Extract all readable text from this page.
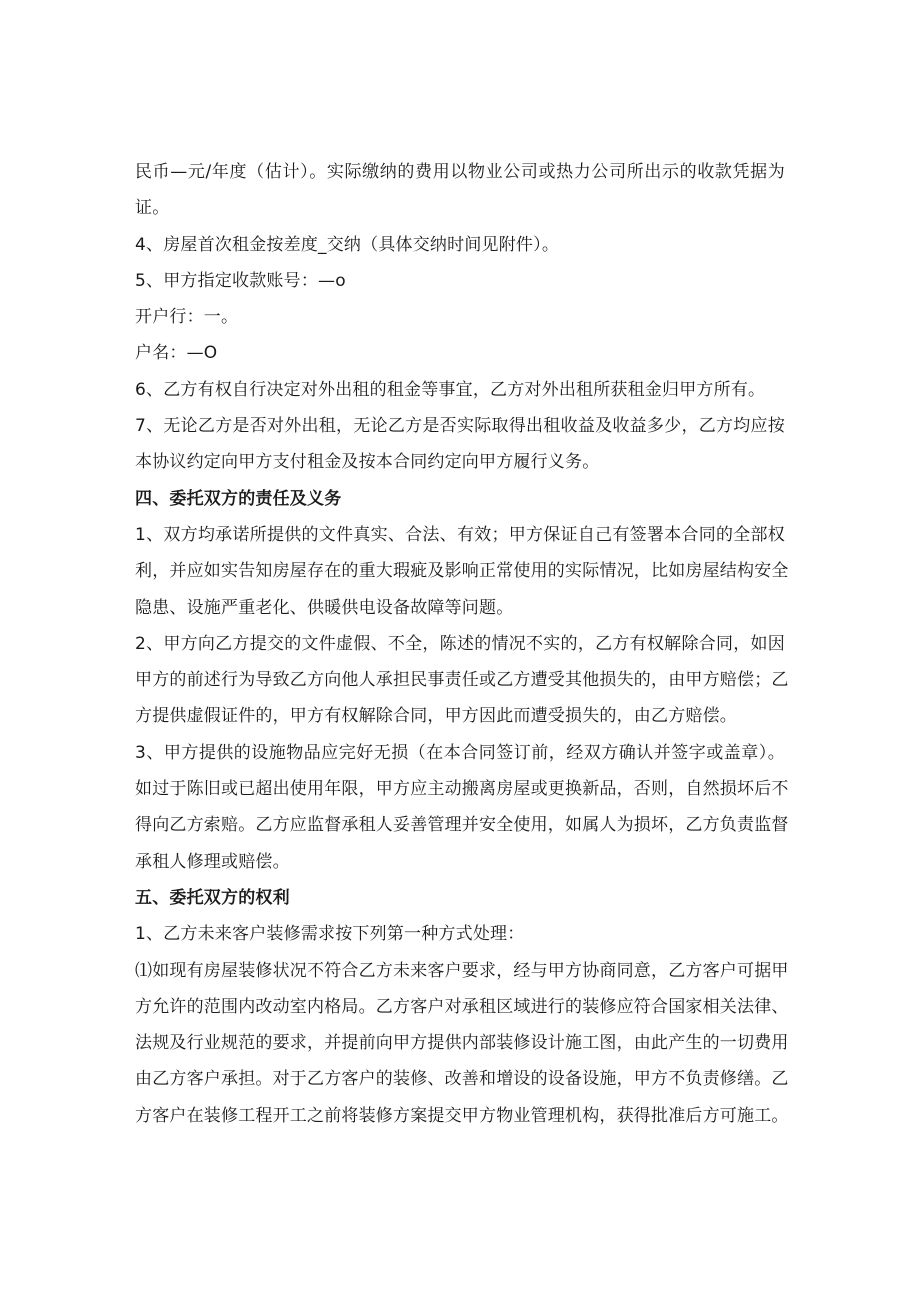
民币—元/年度（估计）。实际缴纳的费用以物业公司或热力公司所出示的收款凭据为
证。
4、房屋首次租金按差度_交纳（具体交纳时间见附件）。
5、甲方指定收款账号：—o
开户行：一。
户名：—O
6、乙方有权自行决定对外出租的租金等事宜，乙方对外出租所获租金归甲方所有。
7、无论乙方是否对外出租，无论乙方是否实际取得出租收益及收益多少，乙方均应按
本协议约定向甲方支付租金及按本合同约定向甲方履行义务。
四、委托双方的责任及义务
1、双方均承诺所提供的文件真实、合法、有效；甲方保证自己有签署本合同的全部权
利，并应如实告知房屋存在的重大瑕疵及影响正常使用的实际情况，比如房屋结构安全
隐患、设施严重老化、供暖供电设备故障等问题。
2、甲方向乙方提交的文件虚假、不全，陈述的情况不实的，乙方有权解除合同，如因
甲方的前述行为导致乙方向他人承担民事责任或乙方遭受其他损失的，由甲方赔偿；乙
方提供虚假证件的，甲方有权解除合同，甲方因此而遭受损失的，由乙方赔偿。
3、甲方提供的设施物品应完好无损（在本合同签订前，经双方确认并签字或盖章）。
如过于陈旧或已超出使用年限，甲方应主动搬离房屋或更换新品，否则，自然损坏后不
得向乙方索赔。乙方应监督承租人妥善管理并安全使用，如属人为损坏，乙方负责监督
承租人修理或赔偿。
五、委托双方的权利
1、乙方未来客户装修需求按下列第一种方式处理：
⑴如现有房屋装修状况不符合乙方未来客户要求，经与甲方协商同意，乙方客户可据甲
方允许的范围内改动室内格局。乙方客户对承租区域进行的装修应符合国家相关法律、
法规及行业规范的要求，并提前向甲方提供内部装修设计施工图，由此产生的一切费用
由乙方客户承担。对于乙方客户的装修、改善和增设的设备设施，甲方不负责修缮。乙
方客户在装修工程开工之前将装修方案提交甲方物业管理机构，获得批准后方可施工。
